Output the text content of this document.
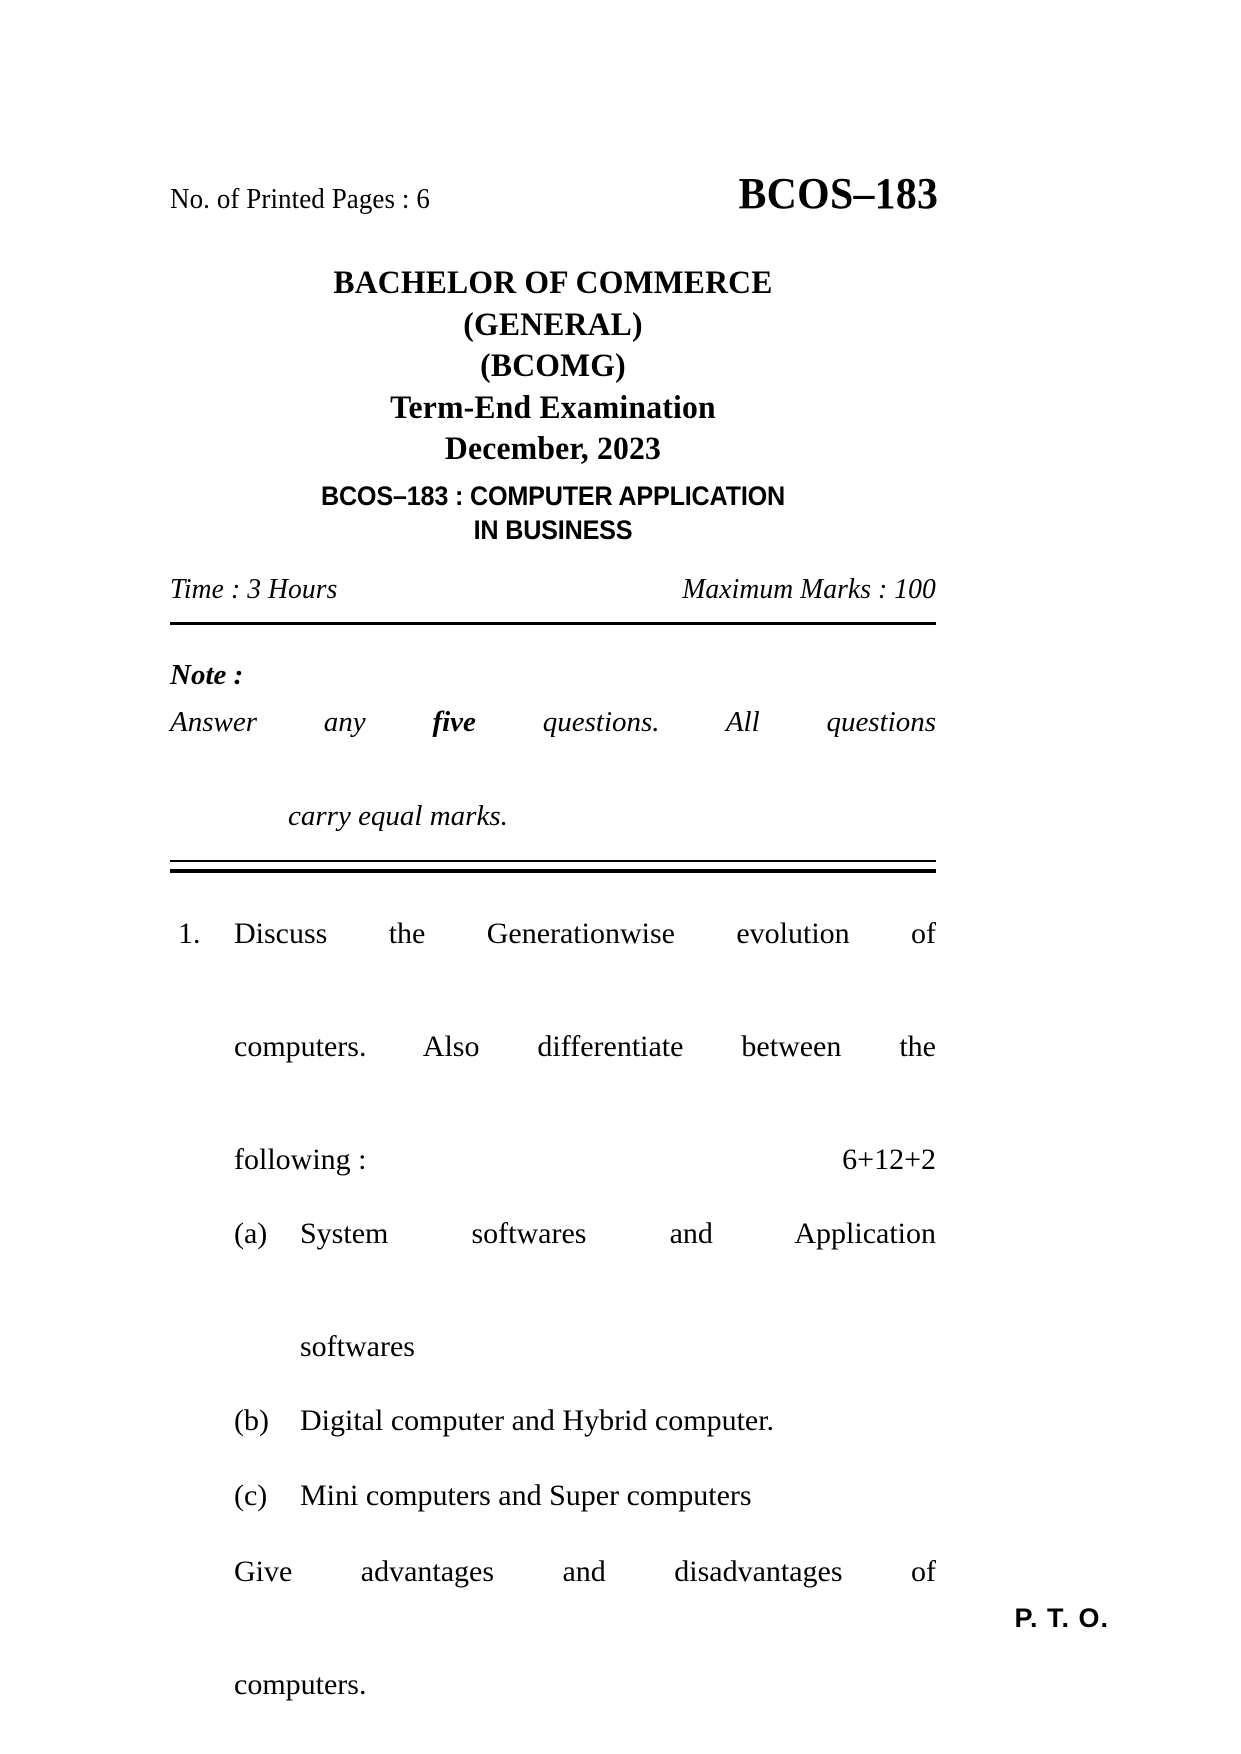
No. of Printed Pages : 6	BCOS–183
BACHELOR OF COMMERCE
(GENERAL)
(BCOMG)
Term-End Examination
December, 2023
BCOS–183 : COMPUTER APPLICATION
IN BUSINESS
Time : 3 Hours	Maximum Marks : 100
Note :
Answer any five questions. All questions
carry equal marks.
1. Discuss the Generationwise evolution of
computers. Also differentiate between the
following :	6+12+2
(a) System softwares and Application
softwares
(b) Digital computer and Hybrid computer.
(c) Mini computers and Super computers
Give advantages and disadvantages of
computers.
P. T. O.
